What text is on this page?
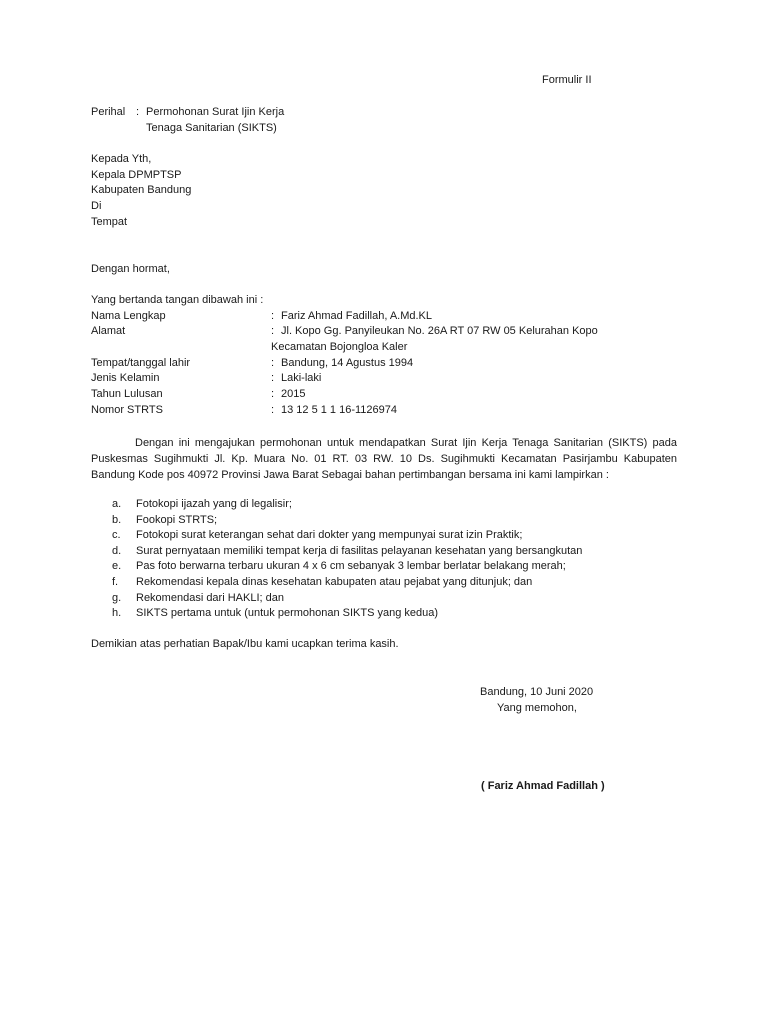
Formulir II
Perihal : Permohonan Surat Ijin Kerja
Tenaga Sanitarian (SIKTS)
Kepada Yth,
Kepala DPMPTSP
Kabupaten Bandung
Di
Tempat
Dengan hormat,
Yang bertanda tangan dibawah ini :
Nama Lengkap	: Fariz Ahmad Fadillah, A.Md.KL
Alamat	: Jl. Kopo Gg. Panyileukan No. 26A RT 07 RW 05 Kelurahan Kopo
Kecamatan Bojongloa Kaler
Tempat/tanggal lahir	: Bandung, 14 Agustus 1994
Jenis Kelamin	: Laki-laki
Tahun Lulusan	: 2015
Nomor STRTS	: 13 12 5 1 1 16-1126974
Dengan ini mengajukan permohonan untuk mendapatkan Surat Ijin Kerja Tenaga Sanitarian (SIKTS) pada Puskesmas Sugihmukti Jl. Kp. Muara No. 01 RT. 03 RW. 10 Ds. Sugihmukti Kecamatan Pasirjambu Kabupaten Bandung Kode pos 40972 Provinsi Jawa Barat Sebagai bahan pertimbangan bersama ini kami lampirkan :
a. Fotokopi ijazah yang di legalisir;
b. Fookopi STRTS;
c. Fotokopi surat keterangan sehat dari dokter yang mempunyai surat izin Praktik;
d. Surat pernyataan memiliki tempat kerja di fasilitas pelayanan kesehatan yang bersangkutan
e. Pas foto berwarna terbaru ukuran 4 x 6 cm sebanyak 3 lembar berlatar belakang merah;
f. Rekomendasi kepala dinas kesehatan kabupaten atau pejabat yang ditunjuk; dan
g. Rekomendasi dari HAKLI; dan
h. SIKTS pertama untuk (untuk permohonan SIKTS yang kedua)
Demikian atas perhatian Bapak/Ibu kami ucapkan terima kasih.
Bandung, 10 Juni 2020
Yang memohon,
( Fariz Ahmad Fadillah )
